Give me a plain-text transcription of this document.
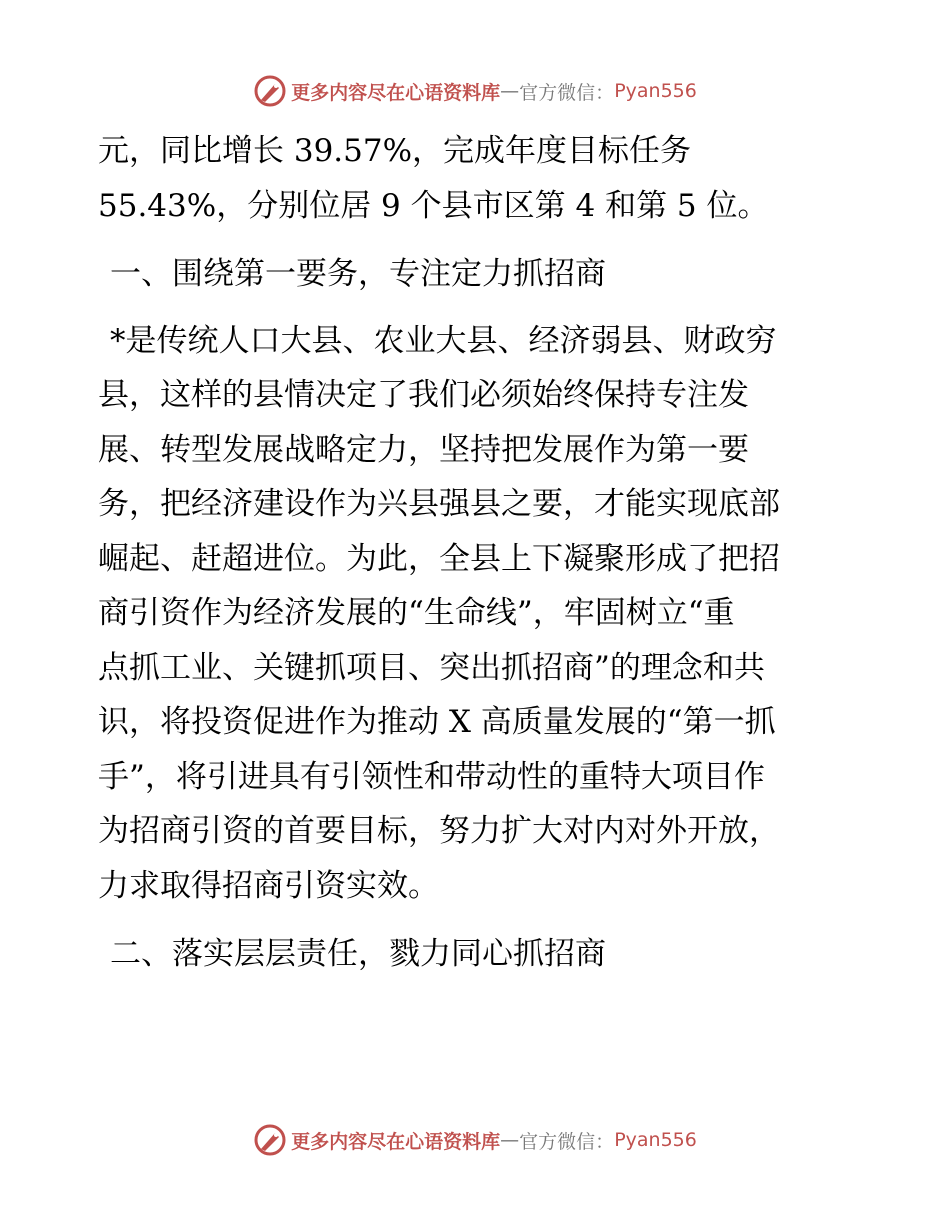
更多内容尽在心语资料库 — 官方微信： Pyan556
元，同比增长 39.57%，完成年度目标任务
55.43%，分别位居 9 个县市区第 4 和第 5 位。
一、围绕第一要务，专注定力抓招商
*是传统人口大县、农业大县、经济弱县、财政穷
县，这样的县情决定了我们必须始终保持专注发
展、转型发展战略定力，坚持把发展作为第一要
务，把经济建设作为兴县强县之要，才能实现底部
崛起、赶超进位。为此，全县上下凝聚形成了把招
商引资作为经济发展的“生命线”，牢固树立“重
点抓工业、关键抓项目、突出抓招商”的理念和共
识，将投资促进作为推动 X 高质量发展的“第一抓
手”，将引进具有引领性和带动性的重特大项目作
为招商引资的首要目标，努力扩大对内对外开放，
力求取得招商引资实效。
二、落实层层责任，戮力同心抓招商
更多内容尽在心语资料库 — 官方微信： Pyan556
